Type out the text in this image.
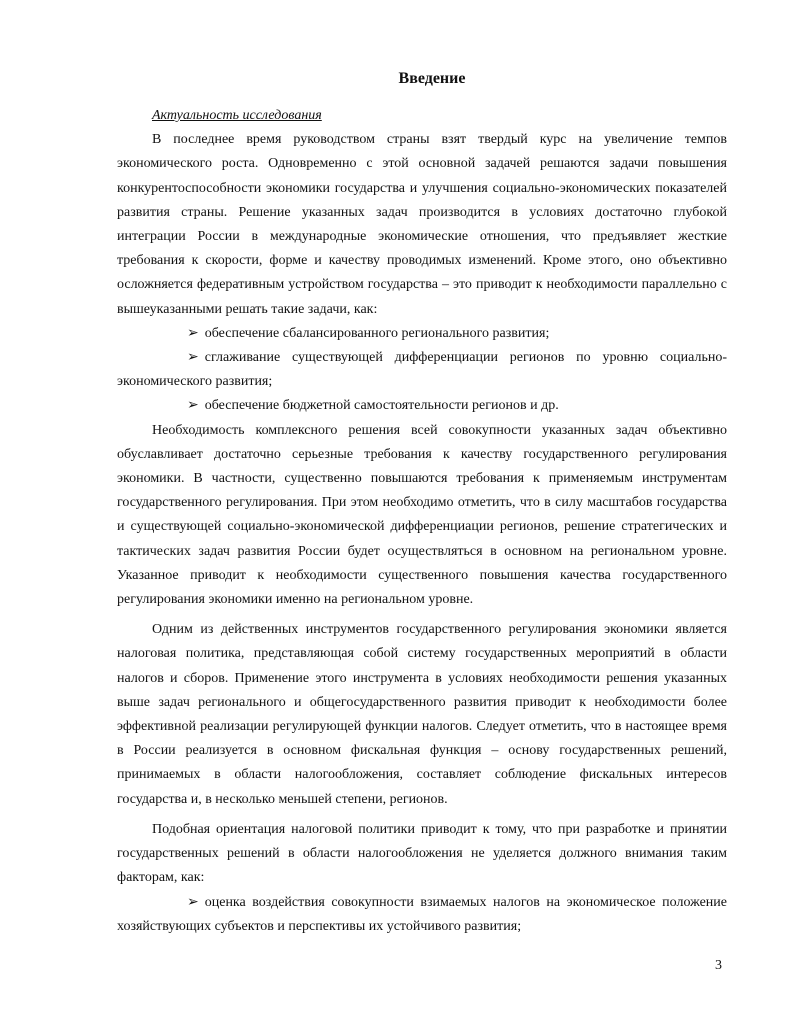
Введение
Актуальность исследования

В последнее время руководством страны взят твердый курс на увеличение темпов экономического роста. Одновременно с этой основной задачей решаются задачи повышения конкурентоспособности экономики государства и улучшения социально-экономических показателей развития страны. Решение указанных задач производится в условиях достаточно глубокой интеграции России в международные экономические отношения, что предъявляет жесткие требования к скорости, форме и качеству проводимых изменений. Кроме этого, оно объективно осложняется федеративным устройством государства – это приводит к необходимости параллельно с вышеуказанными решать такие задачи, как:

➢ обеспечение сбалансированного регионального развития;

➢ сглаживание существующей дифференциации регионов по уровню социально-экономического развития;

➢ обеспечение бюджетной самостоятельности регионов и др.

Необходимость комплексного решения всей совокупности указанных задач объективно обуславливает достаточно серьезные требования к качеству государственного регулирования экономики. В частности, существенно повышаются требования к применяемым инструментам государственного регулирования. При этом необходимо отметить, что в силу масштабов государства и существующей социально-экономической дифференциации регионов, решение стратегических и тактических задач развития России будет осуществляться в основном на региональном уровне. Указанное приводит к необходимости существенного повышения качества государственного регулирования экономики именно на региональном уровне.

Одним из действенных инструментов государственного регулирования экономики является налоговая политика, представляющая собой систему государственных мероприятий в области налогов и сборов. Применение этого инструмента в условиях необходимости решения указанных выше задач регионального и общегосударственного развития приводит к необходимости более эффективной реализации регулирующей функции налогов. Следует отметить, что в настоящее время в России реализуется в основном фискальная функция – основу государственных решений, принимаемых в области налогообложения, составляет соблюдение фискальных интересов государства и, в несколько меньшей степени, регионов.

Подобная ориентация налоговой политики приводит к тому, что при разработке и принятии государственных решений в области налогообложения не уделяется должного внимания таким факторам, как:

➢ оценка воздействия совокупности взимаемых налогов на экономическое положение хозяйствующих субъектов и перспективы их устойчивого развития;

3
